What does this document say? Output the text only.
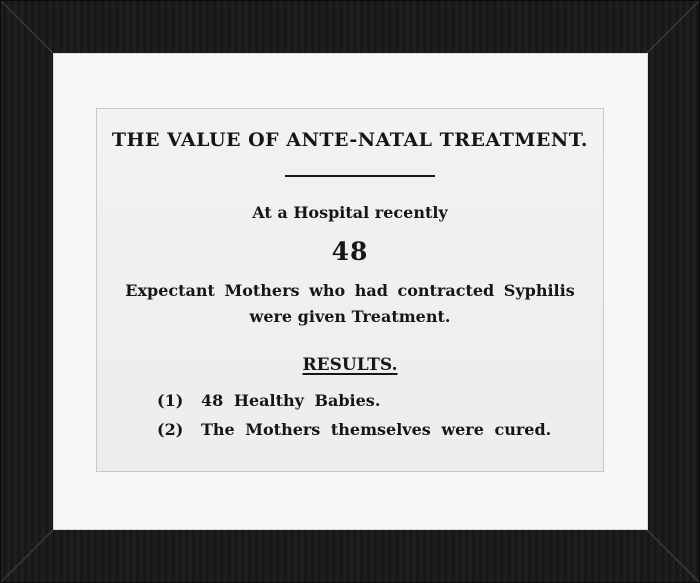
THE VALUE OF ANTE-NATAL TREATMENT.
At a Hospital recently
48
Expectant Mothers who had contracted Syphilis
were given Treatment.
RESULTS.
(1) 48 Healthy Babies.
(2) The Mothers themselves were cured.
